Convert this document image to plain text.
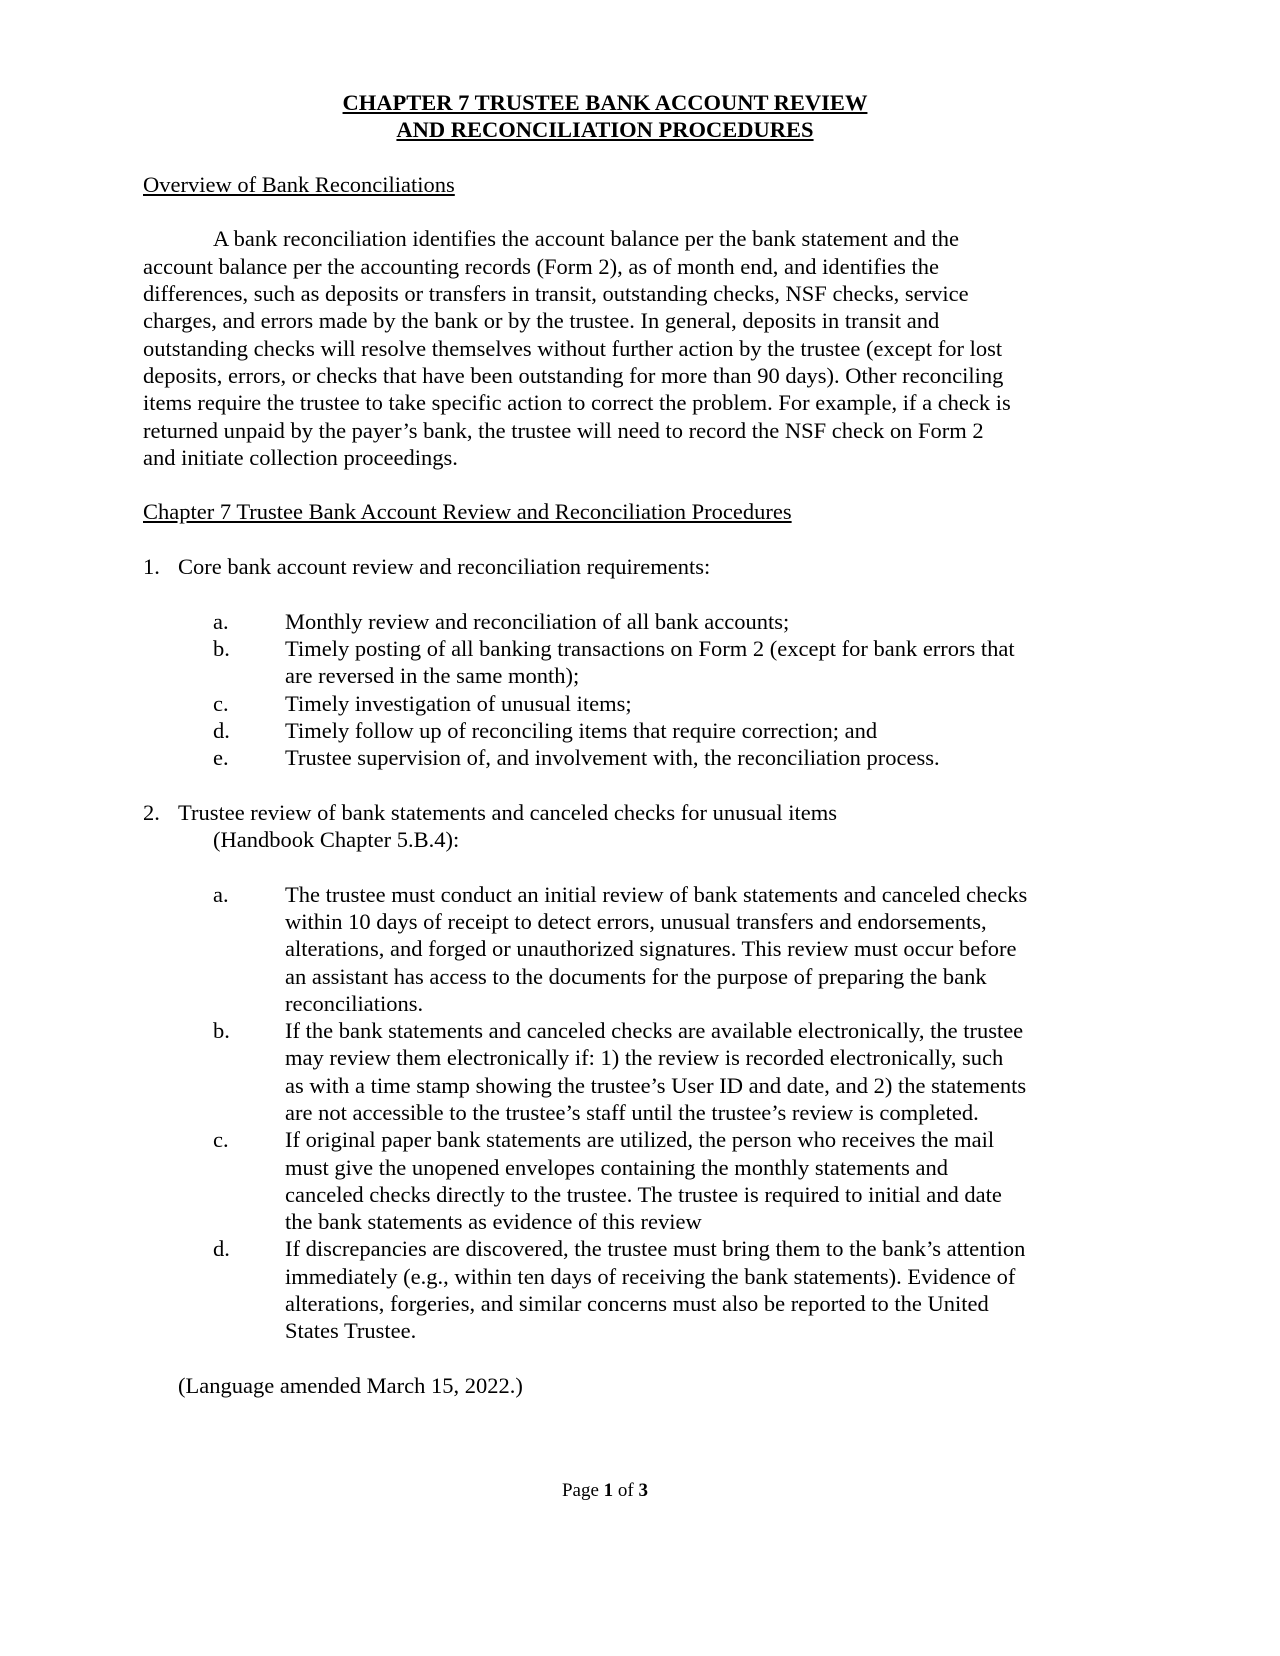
CHAPTER 7 TRUSTEE BANK ACCOUNT REVIEW
AND RECONCILIATION PROCEDURES
Overview of Bank Reconciliations
A bank reconciliation identifies the account balance per the bank statement and the
account balance per the accounting records (Form 2), as of month end, and identifies the
differences, such as deposits or transfers in transit, outstanding checks, NSF checks, service
charges, and errors made by the bank or by the trustee. In general, deposits in transit and
outstanding checks will resolve themselves without further action by the trustee (except for lost
deposits, errors, or checks that have been outstanding for more than 90 days). Other reconciling
items require the trustee to take specific action to correct the problem. For example, if a check is
returned unpaid by the payer’s bank, the trustee will need to record the NSF check on Form 2
and initiate collection proceedings.
Chapter 7 Trustee Bank Account Review and Reconciliation Procedures
1. Core bank account review and reconciliation requirements:
a.	Monthly review and reconciliation of all bank accounts;
b. Timely posting of all banking transactions on Form 2 (except for bank errors that
are reversed in the same month);
c.	Timely investigation of unusual items;
d. Timely follow up of reconciling items that require correction; and
e.	Trustee supervision of, and involvement with, the reconciliation process.
2. Trustee review of bank statements and canceled checks for unusual items
(Handbook Chapter 5.B.4):
a.	The trustee must conduct an initial review of bank statements and canceled checks
within 10 days of receipt to detect errors, unusual transfers and endorsements,
alterations, and forged or unauthorized signatures. This review must occur before
an assistant has access to the documents for the purpose of preparing the bank
reconciliations.
b. If the bank statements and canceled checks are available electronically, the trustee
may review them electronically if: 1) the review is recorded electronically, such
as with a time stamp showing the trustee’s User ID and date, and 2) the statements
are not accessible to the trustee’s staff until the trustee’s review is completed.
c.	If original paper bank statements are utilized, the person who receives the mail
must give the unopened envelopes containing the monthly statements and
canceled checks directly to the trustee. The trustee is required to initial and date
the bank statements as evidence of this review
d. If discrepancies are discovered, the trustee must bring them to the bank’s attention
immediately (e.g., within ten days of receiving the bank statements). Evidence of
alterations, forgeries, and similar concerns must also be reported to the United
States Trustee.
(Language amended March 15, 2022.)
Page 1 of 3
